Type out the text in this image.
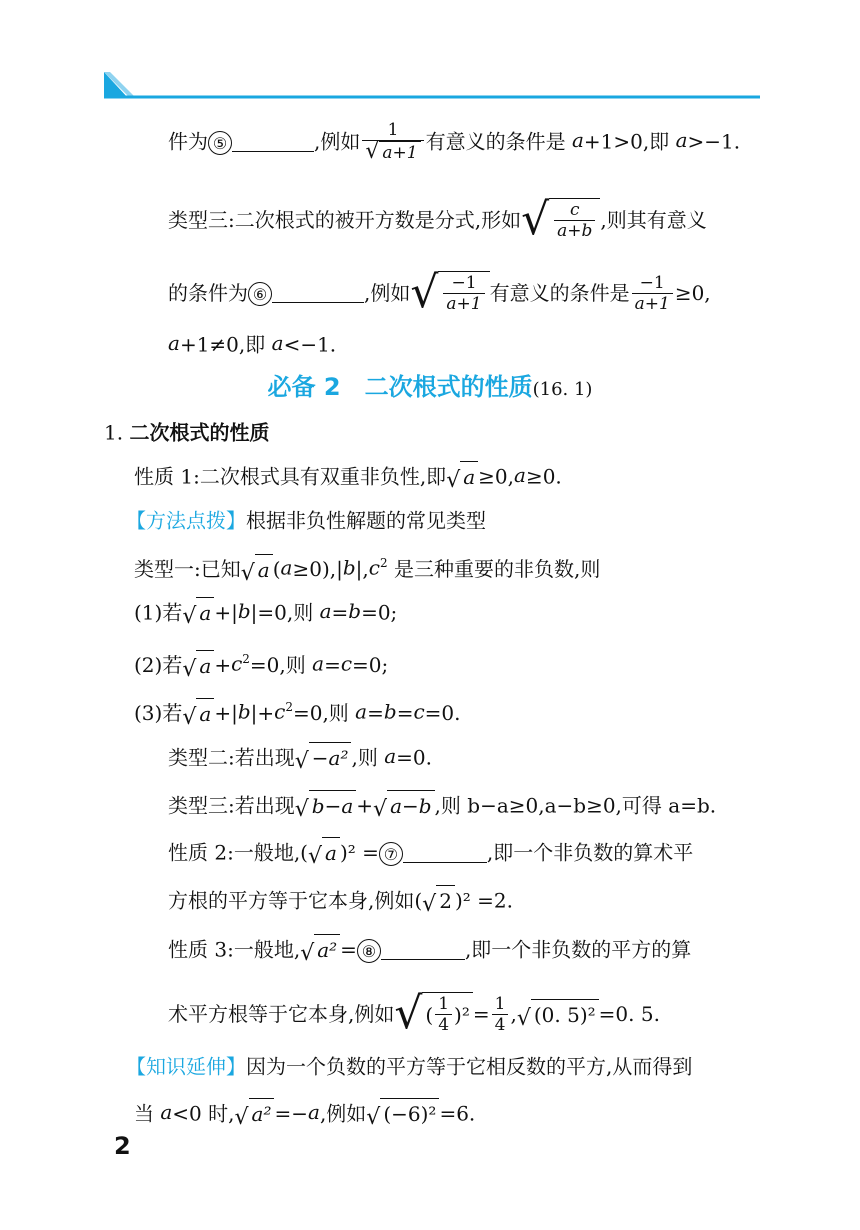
件为 ⑤	,例如 $\frac{1}{√ a+1}$ 有意义的条件是 a+1>0,即 a>−1.
类型三:二次根式的被开方数是分式,形如 √ $\frac{c}{a+b}$ ,则其有意义
的条件为 ⑥	,例如 √ $\frac{-1}{a+1}$ 有意义的条件是 $\frac{-1}{a+1} \ge 0$,
a+1≠0,即 a<−1.
必备 2　二次根式的性质(16. 1)
1. 二次根式的性质
性质 1:二次根式具有双重非负性,即 √ a ≥0,a≥0.
【方法点拨】根据非负性解题的常见类型
类型一:已知 √ a $(a\ge 0),|b|,c^2$ 是三种重要的非负数,则
(1)若 √ a +|b|=0,则 a=b=0;
(2)若 √ $a +c^2=0$,则 a=c=0;
(3)若 √ $a +|b|+c^2=0$,则 a=b=c=0.
类型二:若出现 √ −a² ,则 a=0.
类型三:若出现 √ b−a + √ a−b ,则 b−a≥0,a−b≥0,可得 a=b.
性质 2:一般地,( √ a )² = ⑦	,即一个非负数的算术平
方根的平方等于它本身,例如( √ 2 )² =2.
性质 3:一般地, √ a² = ⑧	,即一个非负数的平方的算
术平方根等于它本身,例如 √ ( $\frac{1}{4} )^2 = \frac{1}{4}$ , √ (0. 5)² =0. 5.
【知识延伸】因为一个负数的平方等于它相反数的平方,从而得到
当 a<0 时, √ a² =−a,例如 √ (−6)² =6.
2
